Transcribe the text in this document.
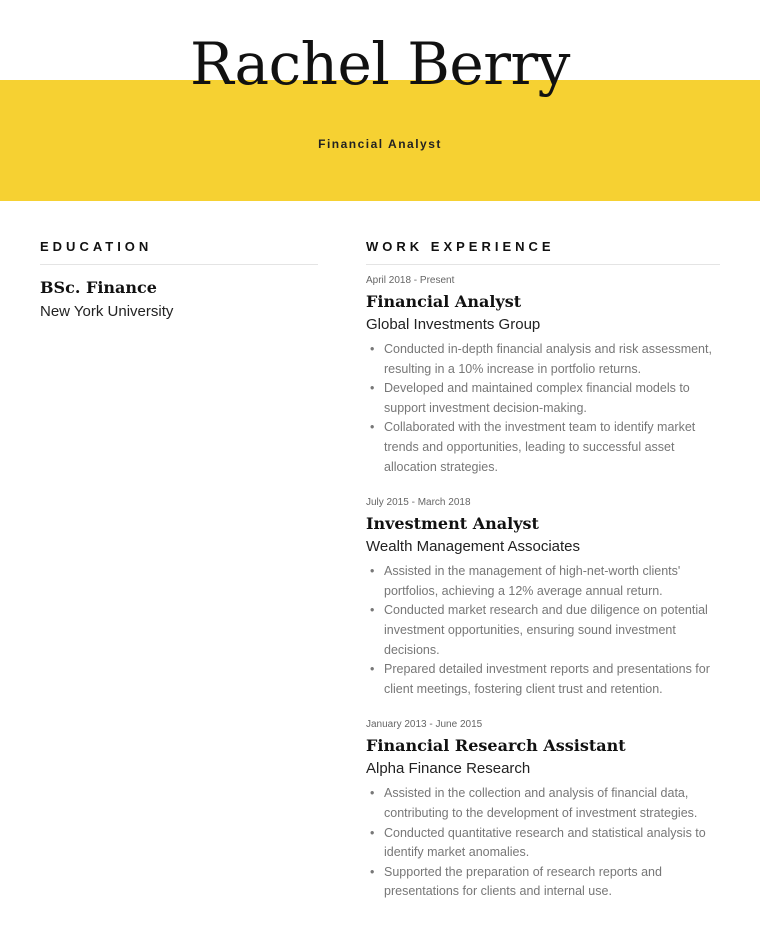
Rachel Berry
Financial Analyst
EDUCATION
BSc. Finance
New York University
WORK EXPERIENCE
April 2018 - Present
Financial Analyst
Global Investments Group
• Conducted in-depth financial analysis and risk assessment, resulting in a 10% increase in portfolio returns.
• Developed and maintained complex financial models to support investment decision-making.
• Collaborated with the investment team to identify market trends and opportunities, leading to successful asset allocation strategies.
July 2015 - March 2018
Investment Analyst
Wealth Management Associates
• Assisted in the management of high-net-worth clients' portfolios, achieving a 12% average annual return.
• Conducted market research and due diligence on potential investment opportunities, ensuring sound investment decisions.
• Prepared detailed investment reports and presentations for client meetings, fostering client trust and retention.
January 2013 - June 2015
Financial Research Assistant
Alpha Finance Research
• Assisted in the collection and analysis of financial data, contributing to the development of investment strategies.
• Conducted quantitative research and statistical analysis to identify market anomalies.
• Supported the preparation of research reports and presentations for clients and internal use.
